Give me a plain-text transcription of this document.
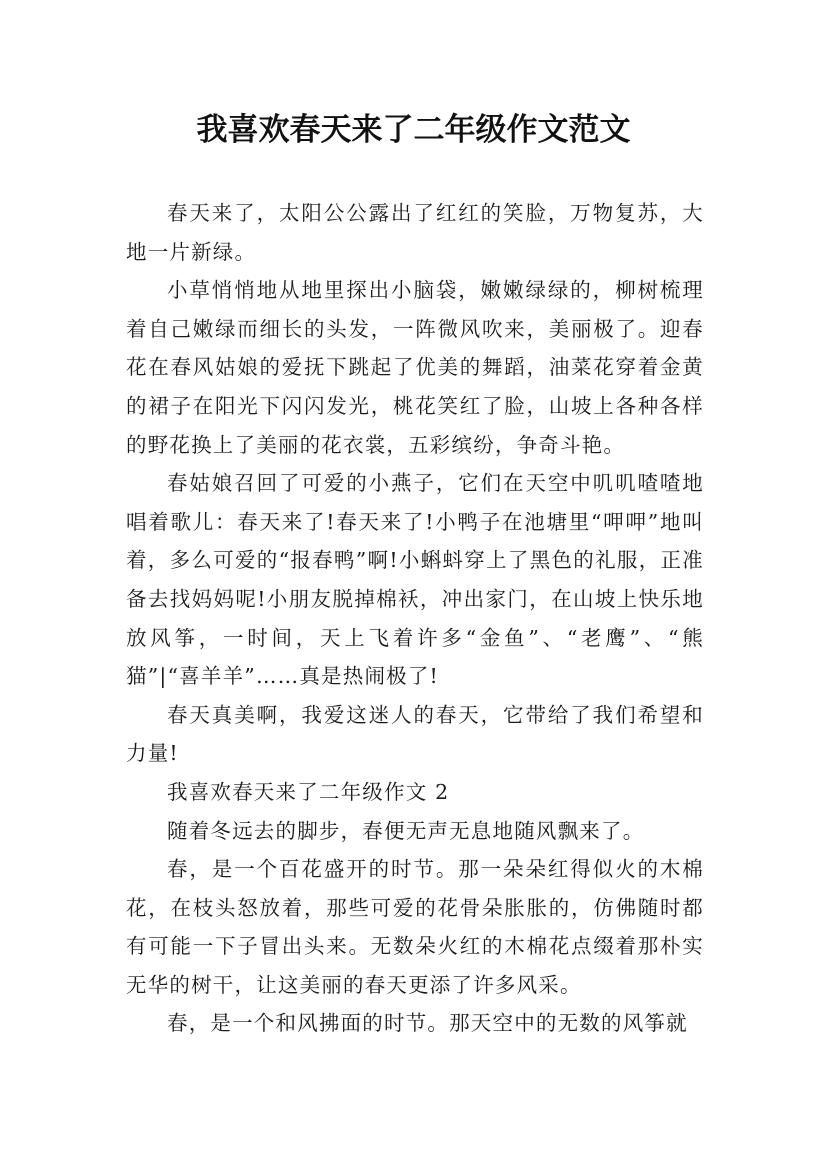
我喜欢春天来了二年级作文范文

春天来了，太阳公公露出了红红的笑脸，万物复苏，大地一片新绿。

小草悄悄地从地里探出小脑袋，嫩嫩绿绿的，柳树梳理着自己嫩绿而细长的头发，一阵微风吹来，美丽极了。迎春花在春风姑娘的爱抚下跳起了优美的舞蹈，油菜花穿着金黄的裙子在阳光下闪闪发光，桃花笑红了脸，山坡上各种各样的野花换上了美丽的花衣裳，五彩缤纷，争奇斗艳。

春姑娘召回了可爱的小燕子，它们在天空中叽叽喳喳地唱着歌儿：春天来了!春天来了!小鸭子在池塘里“呷呷”地叫着，多么可爱的“报春鸭”啊!小蝌蚪穿上了黑色的礼服，正准备去找妈妈呢!小朋友脱掉棉袄，冲出家门，在山坡上快乐地放风筝，一时间，天上飞着许多“金鱼”、“老鹰”、“熊猫”|“喜羊羊”……真是热闹极了!

春天真美啊，我爱这迷人的春天，它带给了我们希望和力量!

我喜欢春天来了二年级作文 2

随着冬远去的脚步，春便无声无息地随风飘来了。

春，是一个百花盛开的时节。那一朵朵红得似火的木棉花，在枝头怒放着，那些可爱的花骨朵胀胀的，仿佛随时都有可能一下子冒出头来。无数朵火红的木棉花点缀着那朴实无华的树干，让这美丽的春天更添了许多风采。

春，是一个和风拂面的时节。那天空中的无数的风筝就
